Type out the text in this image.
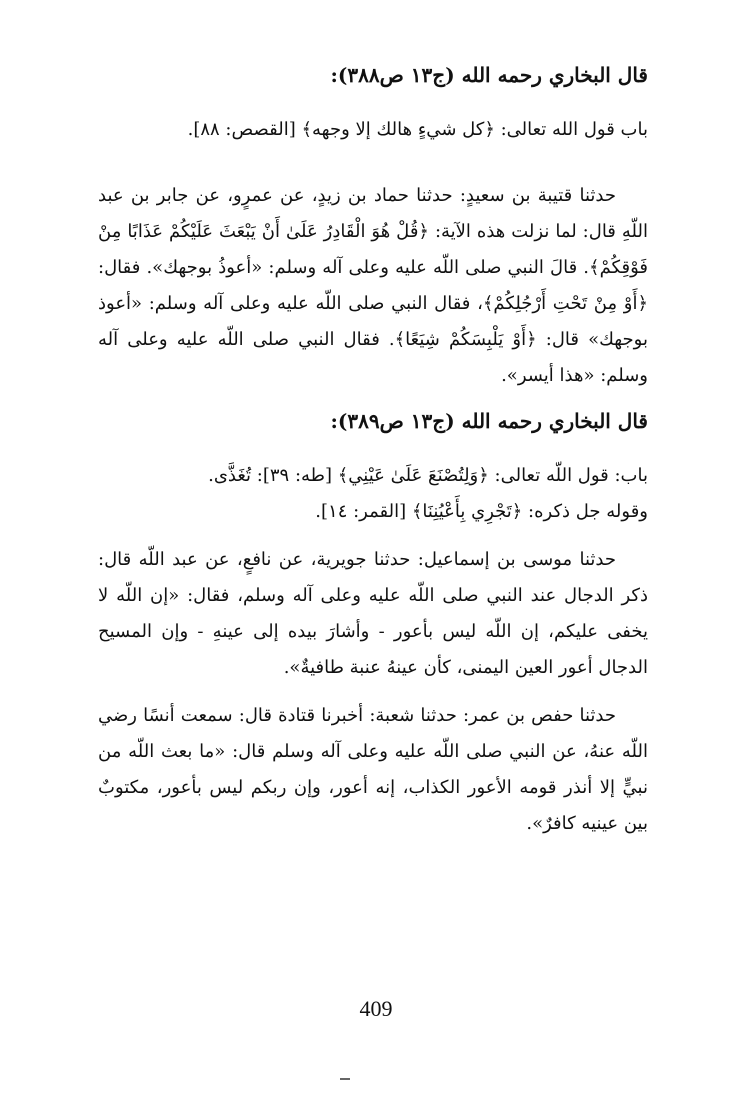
قال البخاري رحمه الله (ج١٣ ص٣٨٨):

باب قول الله تعالى: ﴿كل شيءٍ هالك إلا وجهه﴾ [القصص: ٨٨].

حدثنا قتيبة بن سعيدٍ: حدثنا حماد بن زيدٍ، عن عمرٍو، عن جابر بن عبد اللّهِ قال: لما نزلت هذه الآية: ﴿قُلْ هُوَ الْقَادِرُ عَلَىٰ أَنْ يَبْعَثَ عَلَيْكُمْ عَذَابًا مِنْ فَوْقِكُمْ﴾. قالَ النبي صلى اللّه عليه وعلى آله وسلم: «أعوذُ بوجهك». فقال: ﴿أَوْ مِنْ تَحْتِ أَرْجُلِكُمْ﴾، فقال النبي صلى اللّه عليه وعلى آله وسلم: «أعوذ بوجهك» قال: ﴿أَوْ يَلْبِسَكُمْ شِيَعًا﴾. فقال النبي صلى اللّه عليه وعلى آله وسلم: «هذا أيسر».

قال البخاري رحمه الله (ج١٣ ص٣٨٩):

باب: قول اللّه تعالى: ﴿وَلِتُصْنَعَ عَلَىٰ عَيْنِي﴾ [طه: ٣٩]: تُغَذَّى.

وقوله جل ذكره: ﴿تَجْرِي بِأَعْيُنِنَا﴾ [القمر: ١٤].

حدثنا موسى بن إسماعيل: حدثنا جويرية، عن نافعٍ، عن عبد اللّه قال: ذكر الدجال عند النبي صلى اللّه عليه وعلى آله وسلم، فقال: «إن اللّه لا يخفى عليكم، إن اللّه ليس بأعور - وأشارَ بيده إلى عينهِ - وإن المسيح الدجال أعور العين اليمنى، كأن عينهُ عنبة طافيةٌ».

حدثنا حفص بن عمر: حدثنا شعبة: أخبرنا قتادة قال: سمعت أنسًا رضي اللّه عنهُ، عن النبي صلى اللّه عليه وعلى آله وسلم قال: «ما بعث اللّه من نبيٍّ إلا أنذر قومه الأعور الكذاب، إنه أعور، وإن ربكم ليس بأعور، مكتوبٌ بين عينيه كافرٌ».

409
